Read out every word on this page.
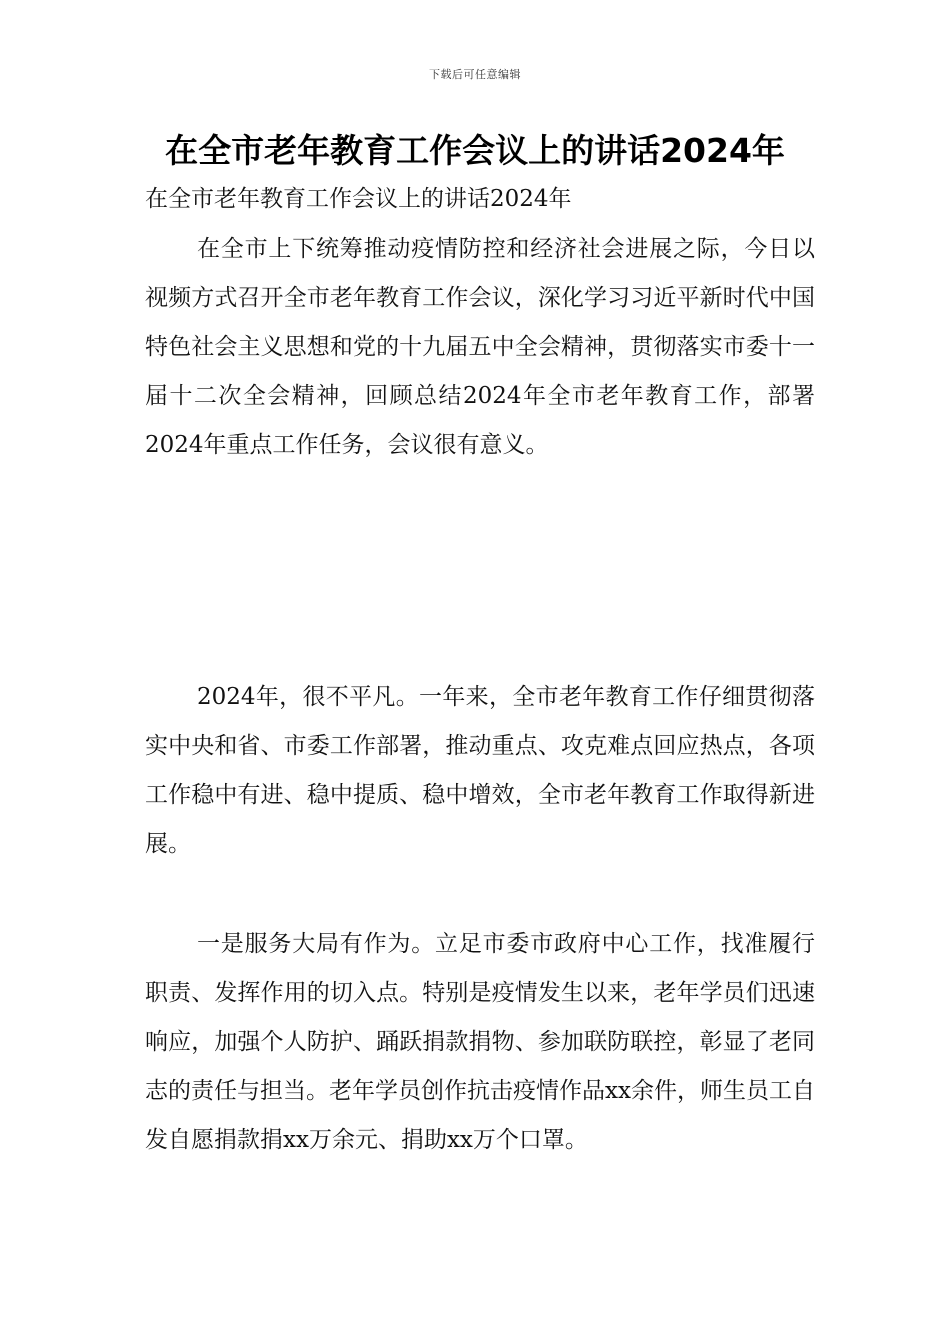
下载后可任意编辑
在全市老年教育工作会议上的讲话2024年

在全市老年教育工作会议上的讲话2024年

在全市上下统筹推动疫情防控和经济社会进展之际，今日以视频方式召开全市老年教育工作会议，深化学习习近平新时代中国特色社会主义思想和党的十九届五中全会精神，贯彻落实市委十一届十二次全会精神，回顾总结2024年全市老年教育工作，部署2024年重点工作任务，会议很有意义。

2024年，很不平凡。一年来，全市老年教育工作仔细贯彻落实中央和省、市委工作部署，推动重点、攻克难点回应热点，各项工作稳中有进、稳中提质、稳中增效，全市老年教育工作取得新进展。

一是服务大局有作为。立足市委市政府中心工作，找准履行职责、发挥作用的切入点。特别是疫情发生以来，老年学员们迅速响应，加强个人防护、踊跃捐款捐物、参加联防联控，彰显了老同志的责任与担当。老年学员创作抗击疫情作品xx余件，师生员工自发自愿捐款捐xx万余元、捐助xx万个口罩。
